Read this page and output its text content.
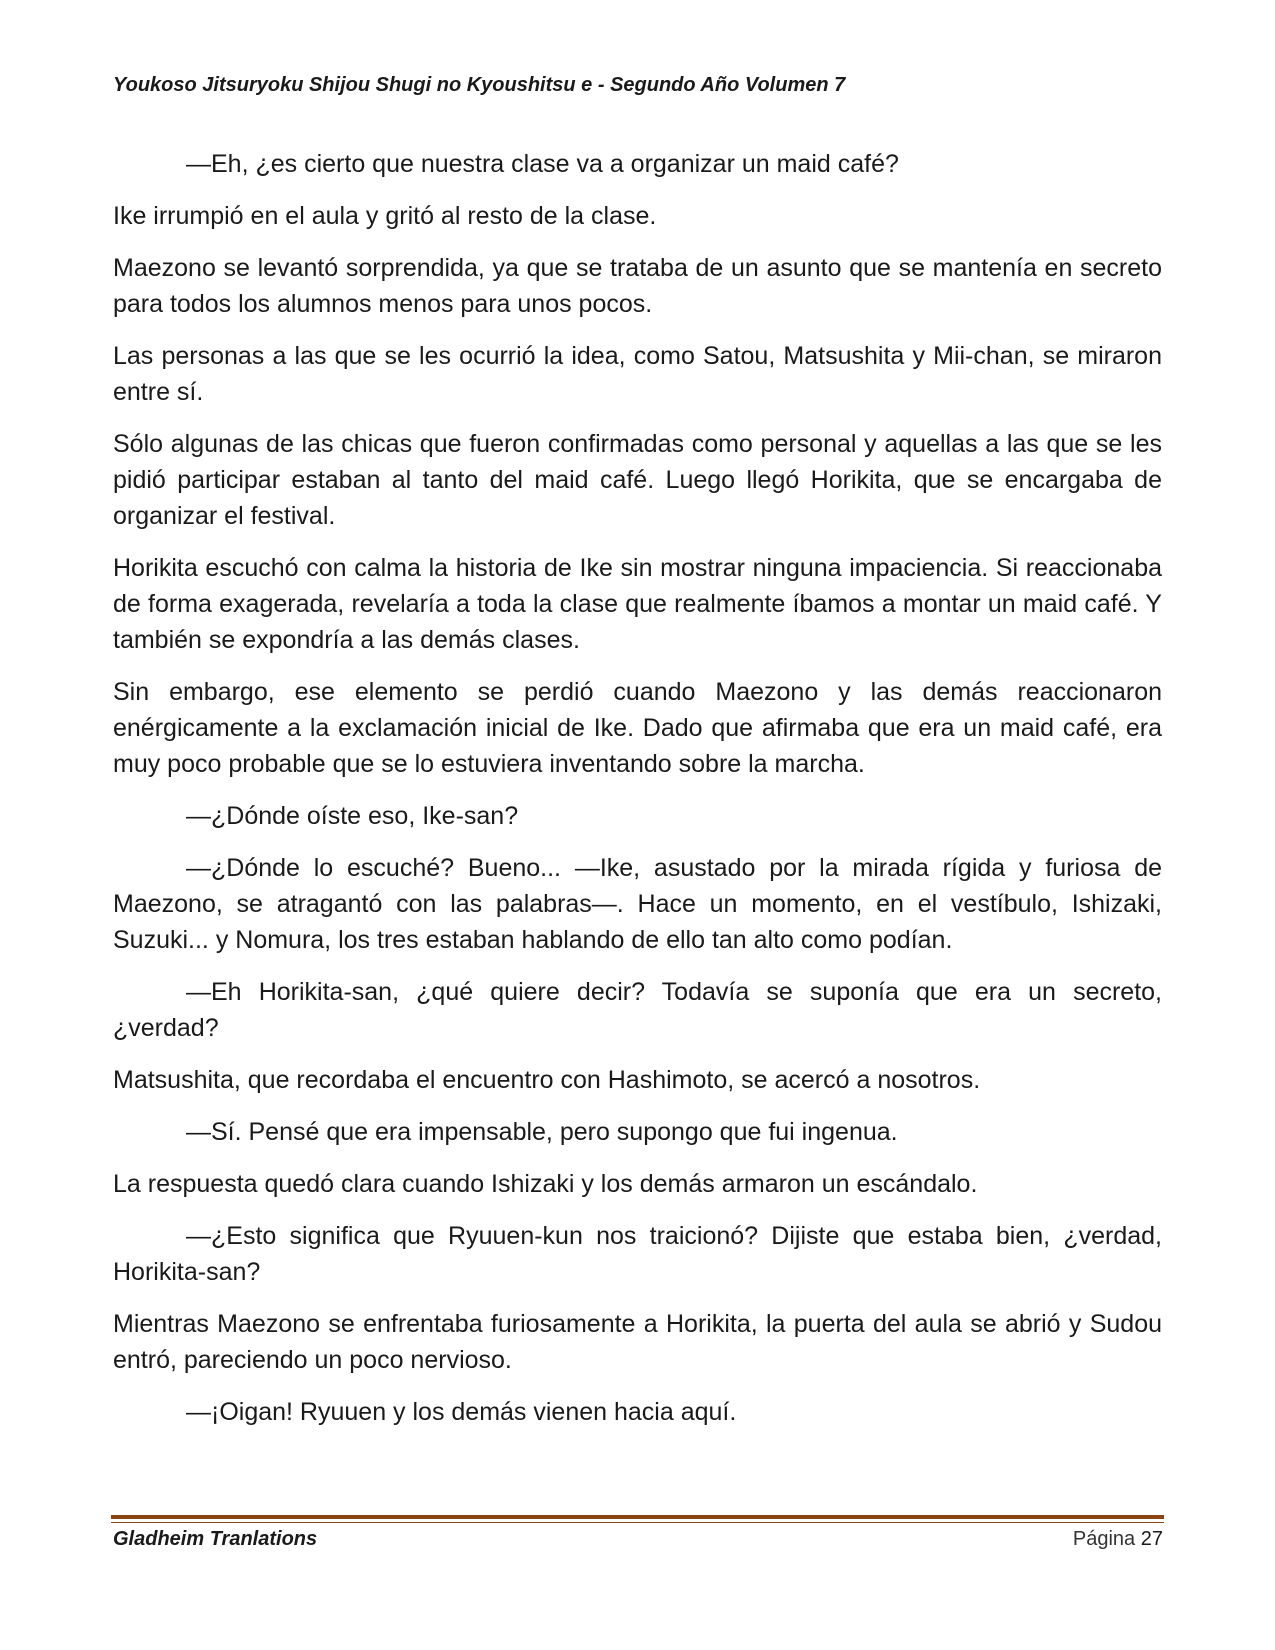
Youkoso Jitsuryoku Shijou Shugi no Kyoushitsu e - Segundo Año Volumen 7

—Eh, ¿es cierto que nuestra clase va a organizar un maid café?

Ike irrumpió en el aula y gritó al resto de la clase.

Maezono se levantó sorprendida, ya que se trataba de un asunto que se mantenía en secreto para todos los alumnos menos para unos pocos.

Las personas a las que se les ocurrió la idea, como Satou, Matsushita y Mii-chan, se miraron entre sí.

Sólo algunas de las chicas que fueron confirmadas como personal y aquellas a las que se les pidió participar estaban al tanto del maid café. Luego llegó Horikita, que se encargaba de organizar el festival.

Horikita escuchó con calma la historia de Ike sin mostrar ninguna impaciencia. Si reaccionaba de forma exagerada, revelaría a toda la clase que realmente íbamos a montar un maid café. Y también se expondría a las demás clases.

Sin embargo, ese elemento se perdió cuando Maezono y las demás reaccionaron enérgicamente a la exclamación inicial de Ike. Dado que afirmaba que era un maid café, era muy poco probable que se lo estuviera inventando sobre la marcha.

—¿Dónde oíste eso, Ike-san?

—¿Dónde lo escuché? Bueno... —Ike, asustado por la mirada rígida y furiosa de Maezono, se atragantó con las palabras—. Hace un momento, en el vestíbulo, Ishizaki, Suzuki... y Nomura, los tres estaban hablando de ello tan alto como podían.

—Eh Horikita-san, ¿qué quiere decir? Todavía se suponía que era un secreto, ¿verdad?

Matsushita, que recordaba el encuentro con Hashimoto, se acercó a nosotros.

—Sí. Pensé que era impensable, pero supongo que fui ingenua.

La respuesta quedó clara cuando Ishizaki y los demás armaron un escándalo.

—¿Esto significa que Ryuuen-kun nos traicionó? Dijiste que estaba bien, ¿verdad, Horikita-san?

Mientras Maezono se enfrentaba furiosamente a Horikita, la puerta del aula se abrió y Sudou entró, pareciendo un poco nervioso.

—¡Oigan! Ryuuen y los demás vienen hacia aquí.

Gladheim Tranlations	Página 27
